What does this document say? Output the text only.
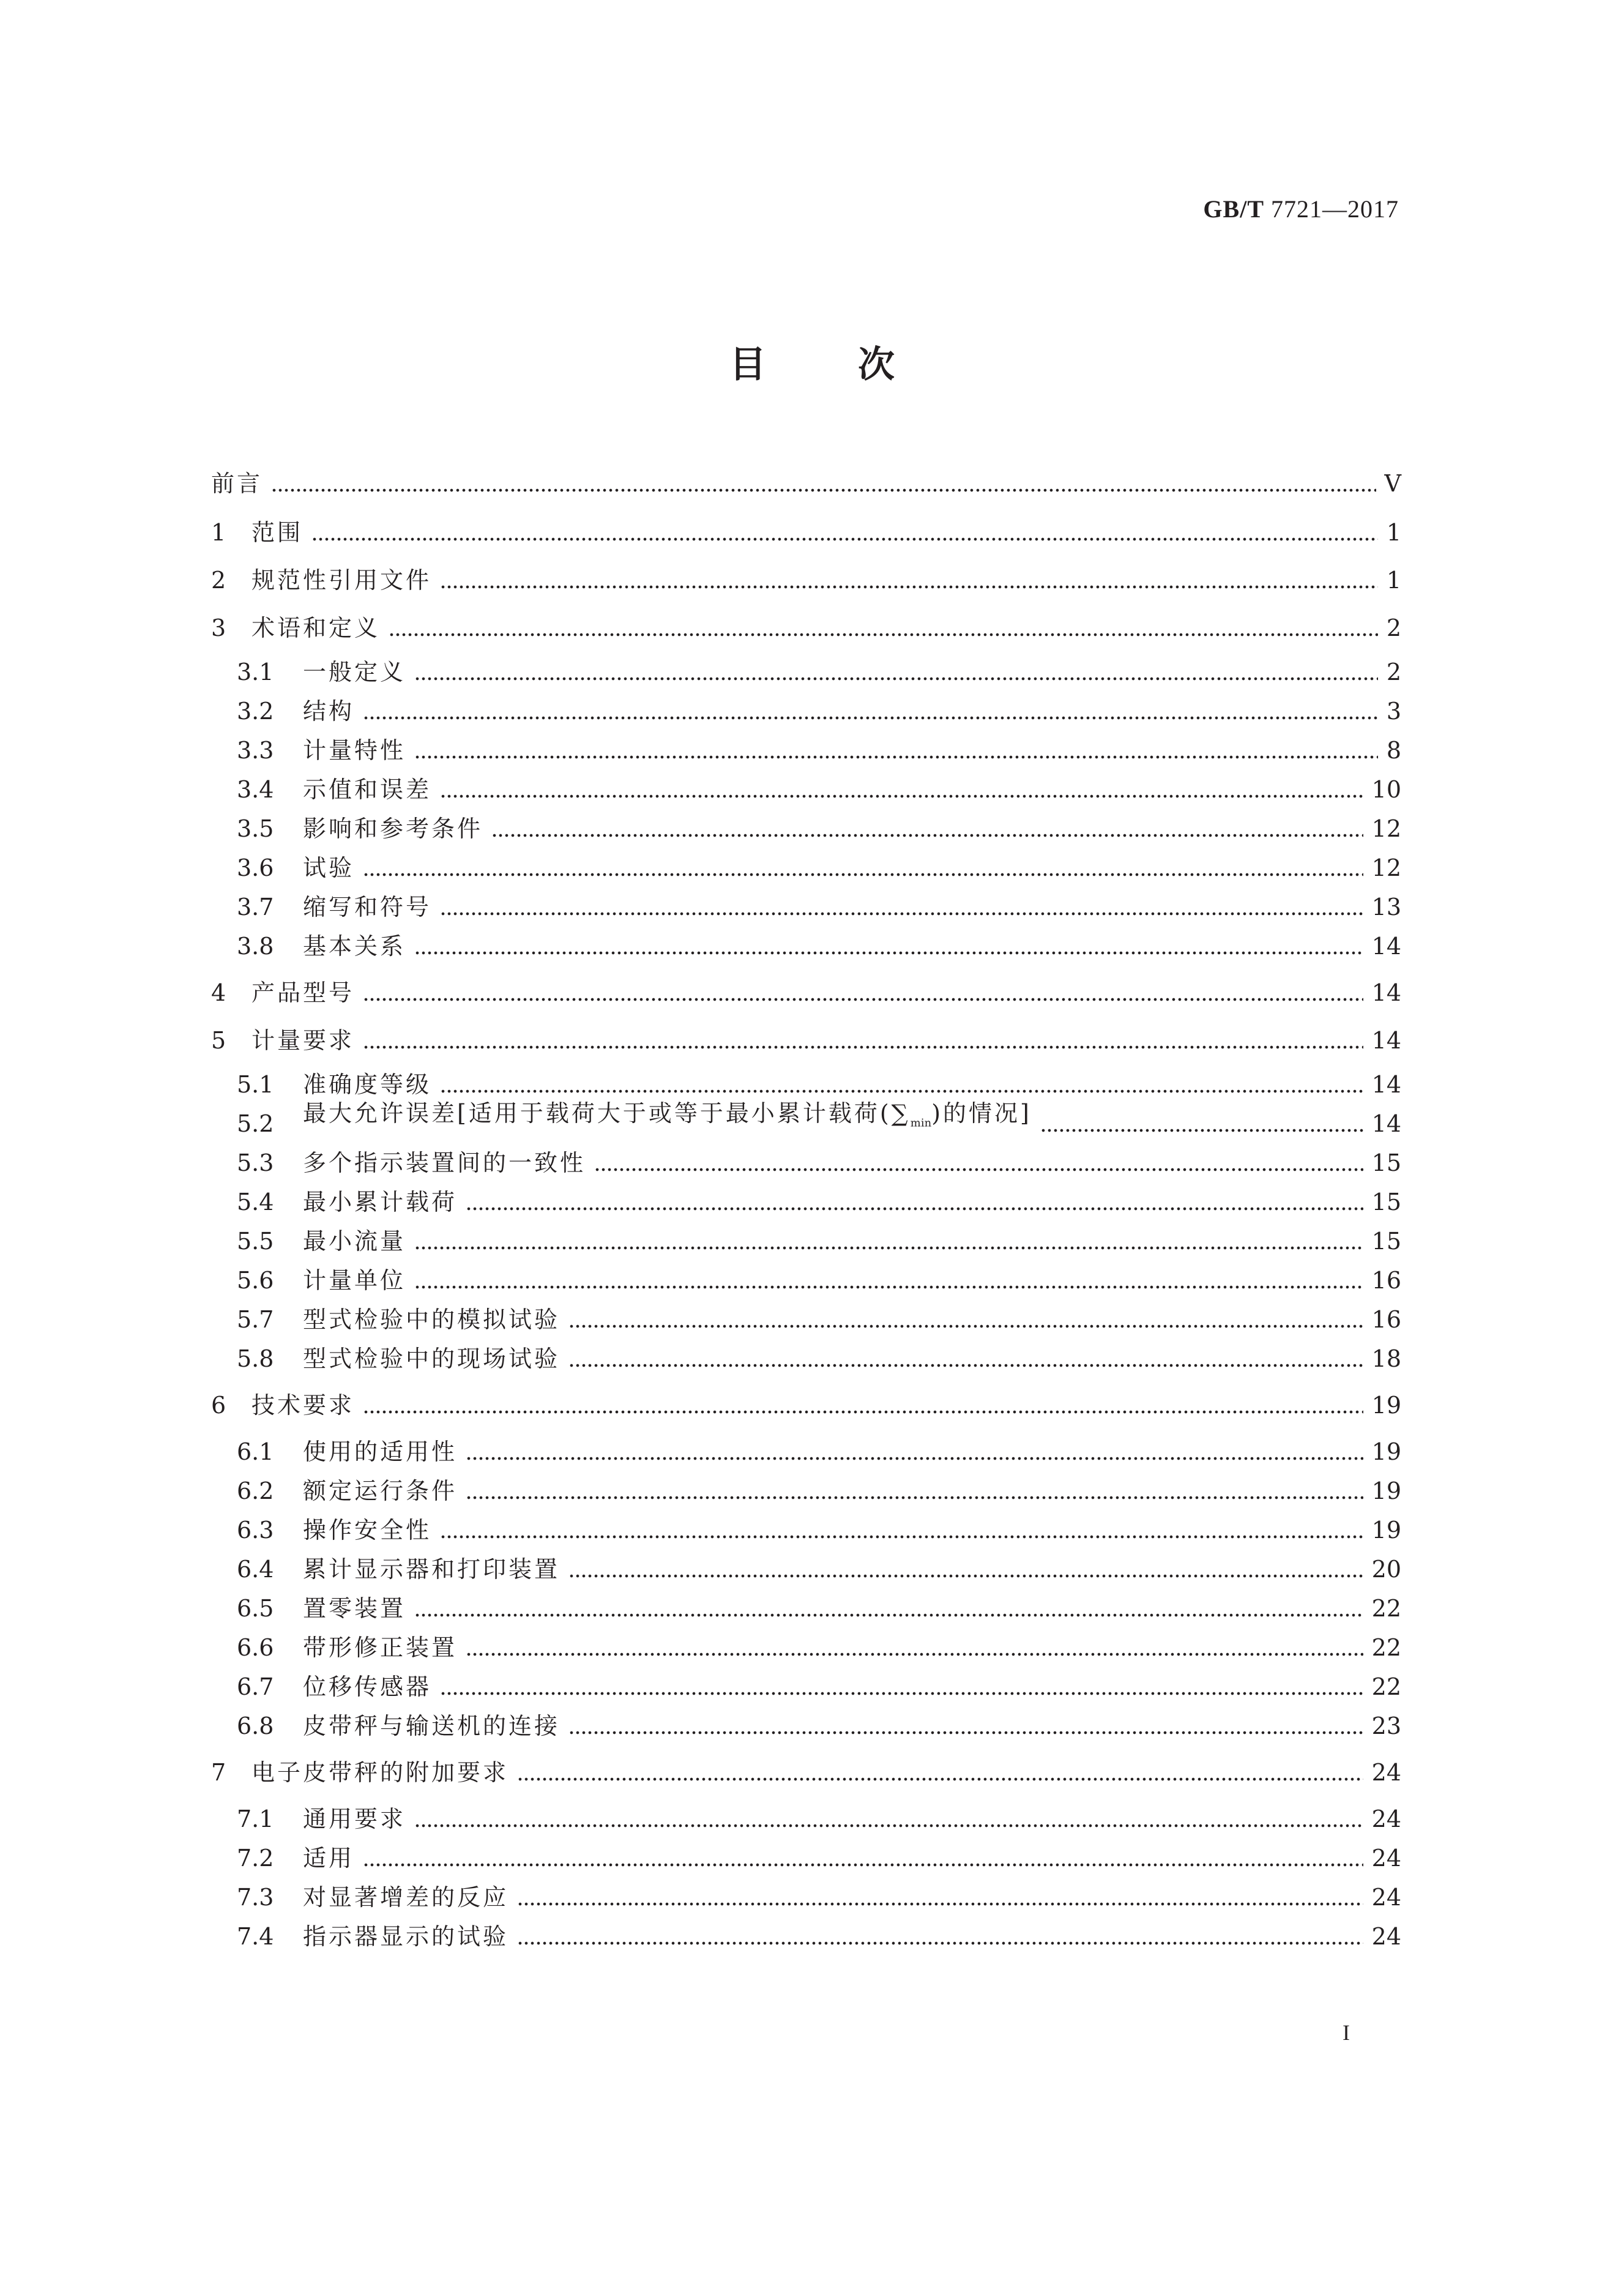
GB/T 7721—2017
目次
前言	V
1	范围	1
2	规范性引用文件	1
3	术语和定义	2
3.1	一般定义	2
3.2	结构	3
3.3	计量特性	8
3.4	示值和误差	10
3.5	影响和参考条件	12
3.6	试验	12
3.7	缩写和符号	13
3.8	基本关系	14
4	产品型号	14
5	计量要求	14
5.1	准确度等级	14
5.2	最大允许误差[适用于载荷大于或等于最小累计载荷$(\sum_{min})$的情况]	14
5.3	多个指示装置间的一致性	15
5.4	最小累计载荷	15
5.5	最小流量	15
5.6	计量单位	16
5.7	型式检验中的模拟试验	16
5.8	型式检验中的现场试验	18
6	技术要求	19
6.1	使用的适用性	19
6.2	额定运行条件	19
6.3	操作安全性	19
6.4	累计显示器和打印装置	20
6.5	置零装置	22
6.6	带形修正装置	22
6.7	位移传感器	22
6.8	皮带秤与输送机的连接	23
7	电子皮带秤的附加要求	24
7.1	通用要求	24
7.2	适用	24
7.3	对显著增差的反应	24
7.4	指示器显示的试验	24
I
